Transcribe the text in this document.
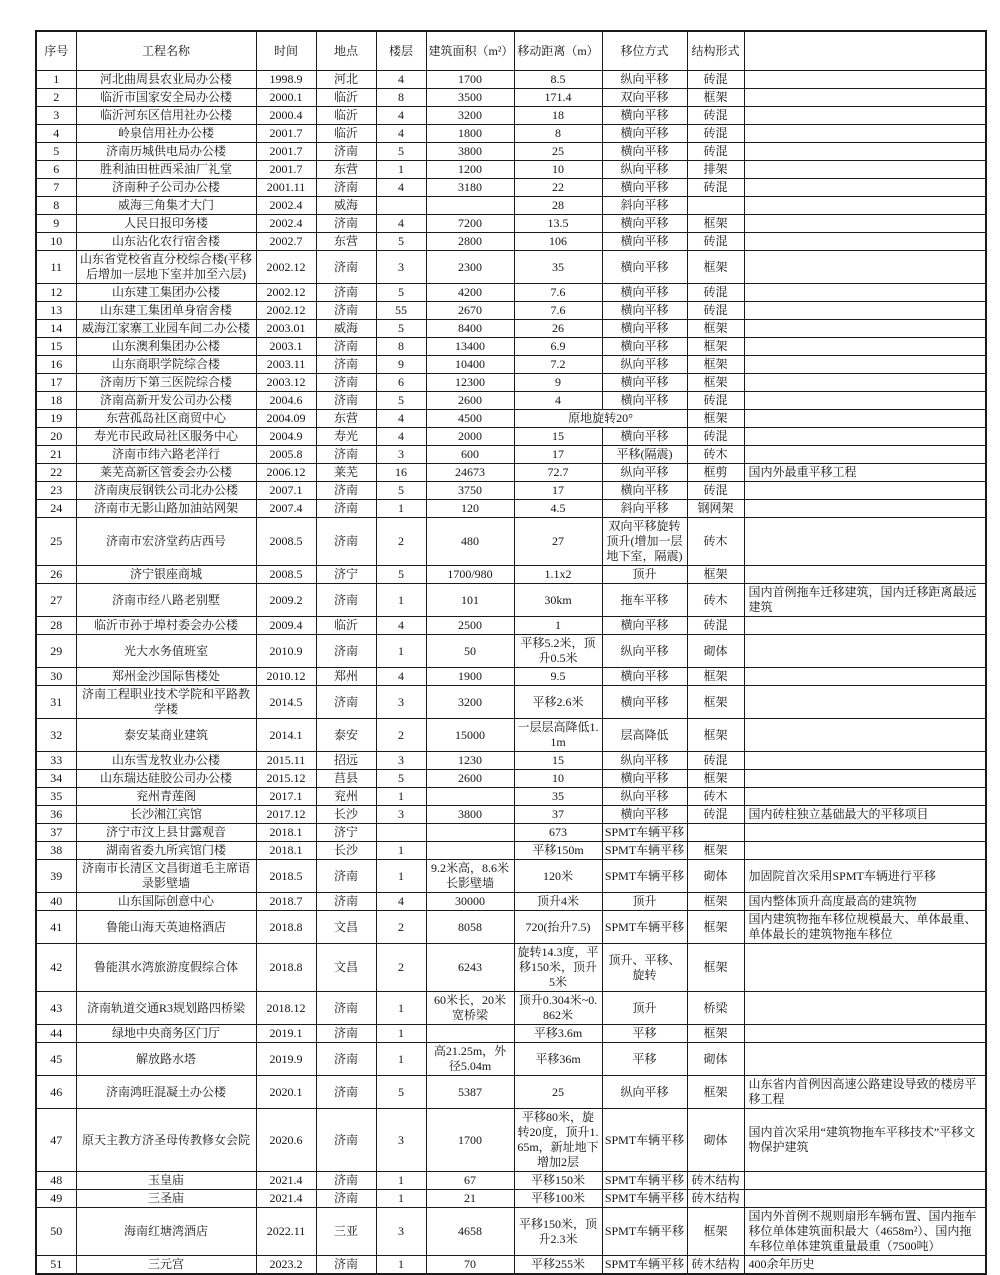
序号	工程名称	时间	地点	楼层	建筑面积（m²）	移动距离（m）	移位方式	结构形式	
1	河北曲周县农业局办公楼	1998.9	河北	4	1700	8.5	纵向平移	砖混	
2	临沂市国家安全局办公楼	2000.1	临沂	8	3500	171.4	双向平移	框架	
3	临沂河东区信用社办公楼	2000.4	临沂	4	3200	18	横向平移	砖混	
4	岭泉信用社办公楼	2001.7	临沂	4	1800	8	横向平移	砖混	
5	济南历城供电局办公楼	2001.7	济南	5	3800	25	横向平移	砖混	
6	胜利油田桩西采油厂礼堂	2001.7	东营	1	1200	10	纵向平移	排架	
7	济南种子公司办公楼	2001.11	济南	4	3180	22	横向平移	砖混	
8	威海三角集才大门	2002.4	威海			28	斜向平移		
9	人民日报印务楼	2002.4	济南	4	7200	13.5	横向平移	框架	
10	山东沾化农行宿舍楼	2002.7	东营	5	2800	106	横向平移	砖混	
11	山东省党校省直分校综合楼(平移后增加一层地下室并加至六层)	2002.12	济南	3	2300	35	横向平移	框架	
12	山东建工集团办公楼	2002.12	济南	5	4200	7.6	横向平移	砖混	
13	山东建工集团单身宿舍楼	2002.12	济南	55	2670	7.6	横向平移	砖混	
14	威海江家寨工业园车间二办公楼	2003.01	威海	5	8400	26	横向平移	框架	
15	山东澳利集团办公楼	2003.1	济南	8	13400	6.9	横向平移	框架	
16	山东商职学院综合楼	2003.11	济南	9	10400	7.2	纵向平移	框架	
17	济南历下第三医院综合楼	2003.12	济南	6	12300	9	横向平移	框架	
18	济南高新开发公司办公楼	2004.6	济南	5	2600	4	横向平移	砖混	
19	东营孤岛社区商贸中心	2004.09	东营	4	4500	原地旋转20°		框架	
20	寿光市民政局社区服务中心	2004.9	寿光	4	2000	15	横向平移	砖混	
21	济南市纬六路老洋行	2005.8	济南	3	600	17	平移(隔震)	砖木	
22	莱芜高新区管委会办公楼	2006.12	莱芜	16	24673	72.7	纵向平移	框剪	国内外最重平移工程
23	济南庚辰钢铁公司北办公楼	2007.1	济南	5	3750	17	横向平移	砖混	
24	济南市无影山路加油站网架	2007.4	济南	1	120	4.5	斜向平移	钢网架	
25	济南市宏济堂药店西号	2008.5	济南	2	480	27	双向平移旋转顶升(增加一层地下室，隔震)	砖木	
26	济宁银座商城	2008.5	济宁	5	1700/980	1.1x2	顶升	框架	
27	济南市经八路老别墅	2009.2	济南	1	101	30km	拖车平移	砖木	国内首例拖车迁移建筑，国内迁移距离最远建筑
28	临沂市孙于埠村委会办公楼	2009.4	临沂	4	2500	1	横向平移	砖混	
29	光大水务值班室	2010.9	济南	1	50	平移5.2米，顶升0.5米	纵向平移	砌体	
30	郑州金沙国际售楼处	2010.12	郑州	4	1900	9.5	横向平移	框架	
31	济南工程职业技术学院和平路教学楼	2014.5	济南	3	3200	平移2.6米	横向平移	框架	
32	泰安某商业建筑	2014.1	泰安	2	15000	一层层高降低1.1m	层高降低	框架	
33	山东雪龙牧业办公楼	2015.11	招远	3	1230	15	纵向平移	砖混	
34	山东瑞达硅胶公司办公楼	2015.12	莒县	5	2600	10	横向平移	框架	
35	兖州青莲阁	2017.1	兖州	1		35	纵向平移	砖木	
36	长沙湘江宾馆	2017.12	长沙	3	3800	37	横向平移	砖混	国内砖柱独立基础最大的平移项目
37	济宁市汶上县甘露观音	2018.1	济宁			673	SPMT车辆平移		
38	湖南省委九所宾馆门楼	2018.1	长沙	1		平移150m	SPMT车辆平移	框架	
39	济南市长清区文昌街道毛主席语录影壁墙	2018.5	济南	1	9.2米高，8.6米长影壁墙	120米	SPMT车辆平移	砌体	加固院首次采用SPMT车辆进行平移
40	山东国际创意中心	2018.7	济南	4	30000	顶升4米	顶升	框架	国内整体顶升高度最高的建筑物
41	鲁能山海天英迪格酒店	2018.8	文昌	2	8058	720(抬升7.5)	SPMT车辆平移	框架	国内建筑物拖车移位规模最大、单体最重、单体最长的建筑物拖车移位
42	鲁能淇水湾旅游度假综合体	2018.8	文昌	2	6243	旋转14.3度，平移150米，顶升5米	顶升、平移、旋转	框架	
43	济南轨道交通R3规划路四桥梁	2018.12	济南	1	60米长，20米宽桥梁	顶升0.304米~0.862米	顶升	桥梁	
44	绿地中央商务区门厅	2019.1	济南	1		平移3.6m	平移	框架	
45	解放路水塔	2019.9	济南	1	高21.25m，外径5.04m	平移36m	平移	砌体	
46	济南鸿旺混凝土办公楼	2020.1	济南	5	5387	25	纵向平移	框架	山东省内首例因高速公路建设导致的楼房平移工程
47	原天主教方济圣母传教修女会院	2020.6	济南	3	1700	平移80米，旋转20度，顶升1.65m，新址地下增加2层	SPMT车辆平移	砌体	国内首次采用“建筑物拖车平移技术”平移文物保护建筑
48	玉皇庙	2021.4	济南	1	67	平移150米	SPMT车辆平移	砖木结构	
49	三圣庙	2021.4	济南	1	21	平移100米	SPMT车辆平移	砖木结构	
50	海南红塘湾酒店	2022.11	三亚	3	4658	平移150米，顶升2.3米	SPMT车辆平移	框架	国内外首例不规则扇形车辆布置、国内拖车移位单体建筑面积最大（4658m²）、国内拖车移位单体建筑重量最重（7500吨）
51	三元宫	2023.2	济南	1	70	平移255米	SPMT车辆平移	砖木结构	400余年历史
